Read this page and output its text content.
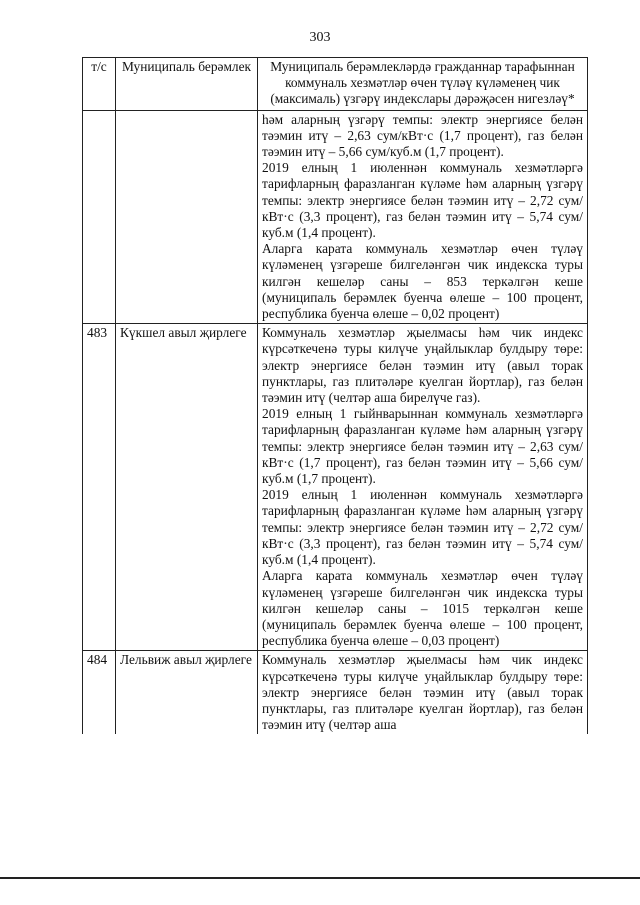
303
т/с	Муниципаль берәмлек	Муниципаль берәмлекләрдә гражданнар тарафыннан коммуналь хезмәтләр өчен түләү күләменең чик (максималь) үзгәрү индекслары дәрәҗәсен нигезләү*

		һәм аларның үзгәрү темпы: электр энергиясе белән тәэмин итү – 2,63 сум/кВт·с (1,7 процент), газ белән тәэмин итү – 5,66 сум/куб.м (1,7 процент).

2019 елның 1 июленнән коммуналь хезмәтләргә тарифларның фаразланган күләме һәм аларның үзгәрү темпы: электр энергиясе белән тәэмин итү – 2,72 сум/кВт·с (3,3 процент), газ белән тәэмин итү – 5,74 сум/куб.м (1,4 процент).

Аларга карата коммуналь хезмәтләр өчен түләү күләменең үзгәреше билгеләнгән чик индекска туры килгән кешеләр саны – 853 теркәлгән кеше (муниципаль берәмлек буенча өлеше – 100 процент, республика буенча өлеше – 0,02 процент)

483	Күкшел авыл җирлеге	Коммуналь хезмәтләр җыелмасы һәм чик индекс күрсәткеченә туры килүче уңайлыклар булдыру төре: электр энергиясе белән тәэмин итү (авыл торак пунктлары, газ плитәләре куелган йортлар), газ белән тәэмин итү (челтәр аша бирелүче газ).

2019 елның 1 гыйнварыннан коммуналь хезмәтләргә тарифларның фаразланган күләме һәм аларның үзгәрү темпы: электр энергиясе белән тәэмин итү – 2,63 сум/кВт·с (1,7 процент), газ белән тәэмин итү – 5,66 сум/куб.м (1,7 процент).

2019 елның 1 июленнән коммуналь хезмәтләргә тарифларның фаразланган күләме һәм аларның үзгәрү темпы: электр энергиясе белән тәэмин итү – 2,72 сум/кВт·с (3,3 процент), газ белән тәэмин итү – 5,74 сум/куб.м (1,4 процент).

Аларга карата коммуналь хезмәтләр өчен түләү күләменең үзгәреше билгеләнгән чик индекска туры килгән кешеләр саны – 1015 теркәлгән кеше (муниципаль берәмлек буенча өлеше – 100 процент, республика буенча өлеше – 0,03 процент)

484	Лельвиж авыл җирлеге	Коммуналь хезмәтләр җыелмасы һәм чик индекс күрсәткеченә туры килүче уңайлыклар булдыру төре: электр энергиясе белән тәэмин итү (авыл торак пунктлары, газ плитәләре куелган йортлар), газ белән тәэмин итү (челтәр аша
